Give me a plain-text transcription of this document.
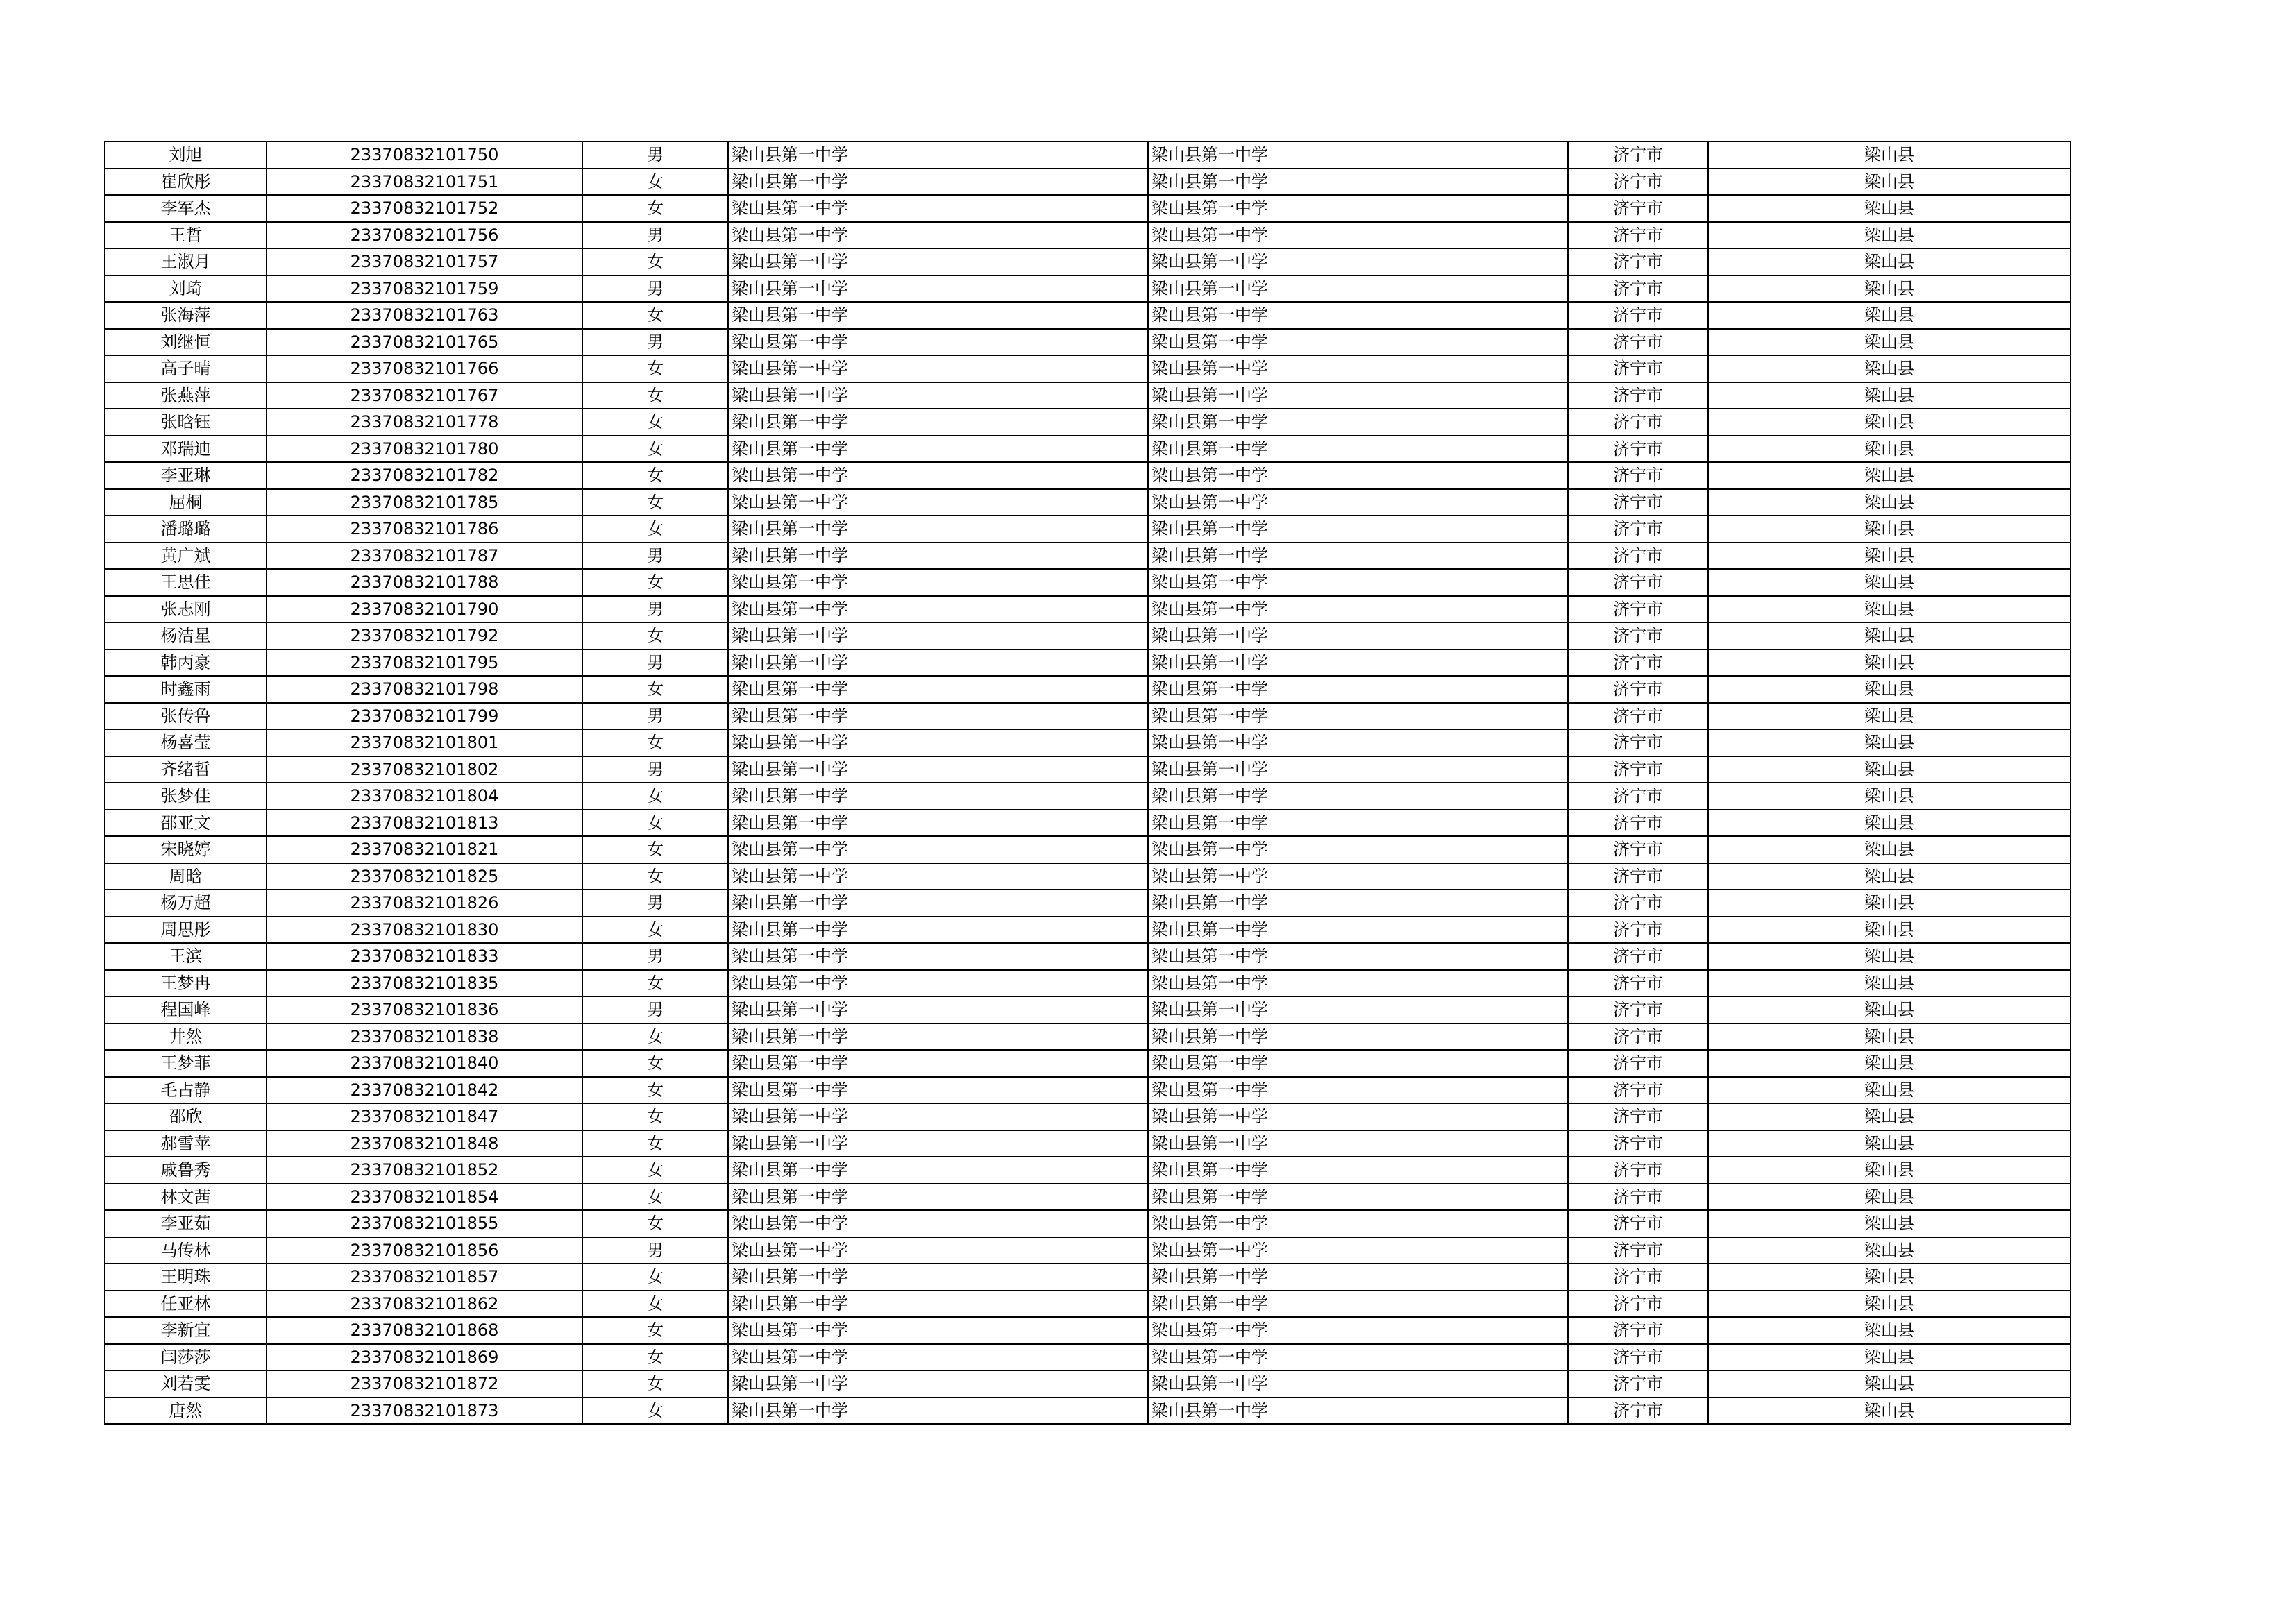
刘旭	23370832101750	男	梁山县第一中学	梁山县第一中学	济宁市	梁山县
崔欣彤	23370832101751	女	梁山县第一中学	梁山县第一中学	济宁市	梁山县
李军杰	23370832101752	女	梁山县第一中学	梁山县第一中学	济宁市	梁山县
王哲	23370832101756	男	梁山县第一中学	梁山县第一中学	济宁市	梁山县
王淑月	23370832101757	女	梁山县第一中学	梁山县第一中学	济宁市	梁山县
刘琦	23370832101759	男	梁山县第一中学	梁山县第一中学	济宁市	梁山县
张海萍	23370832101763	女	梁山县第一中学	梁山县第一中学	济宁市	梁山县
刘继恒	23370832101765	男	梁山县第一中学	梁山县第一中学	济宁市	梁山县
高子晴	23370832101766	女	梁山县第一中学	梁山县第一中学	济宁市	梁山县
张燕萍	23370832101767	女	梁山县第一中学	梁山县第一中学	济宁市	梁山县
张晗钰	23370832101778	女	梁山县第一中学	梁山县第一中学	济宁市	梁山县
邓瑞迪	23370832101780	女	梁山县第一中学	梁山县第一中学	济宁市	梁山县
李亚琳	23370832101782	女	梁山县第一中学	梁山县第一中学	济宁市	梁山县
屈桐	23370832101785	女	梁山县第一中学	梁山县第一中学	济宁市	梁山县
潘璐璐	23370832101786	女	梁山县第一中学	梁山县第一中学	济宁市	梁山县
黄广斌	23370832101787	男	梁山县第一中学	梁山县第一中学	济宁市	梁山县
王思佳	23370832101788	女	梁山县第一中学	梁山县第一中学	济宁市	梁山县
张志刚	23370832101790	男	梁山县第一中学	梁山县第一中学	济宁市	梁山县
杨洁星	23370832101792	女	梁山县第一中学	梁山县第一中学	济宁市	梁山县
韩丙豪	23370832101795	男	梁山县第一中学	梁山县第一中学	济宁市	梁山县
时鑫雨	23370832101798	女	梁山县第一中学	梁山县第一中学	济宁市	梁山县
张传鲁	23370832101799	男	梁山县第一中学	梁山县第一中学	济宁市	梁山县
杨喜莹	23370832101801	女	梁山县第一中学	梁山县第一中学	济宁市	梁山县
齐绪哲	23370832101802	男	梁山县第一中学	梁山县第一中学	济宁市	梁山县
张梦佳	23370832101804	女	梁山县第一中学	梁山县第一中学	济宁市	梁山县
邵亚文	23370832101813	女	梁山县第一中学	梁山县第一中学	济宁市	梁山县
宋晓婷	23370832101821	女	梁山县第一中学	梁山县第一中学	济宁市	梁山县
周晗	23370832101825	女	梁山县第一中学	梁山县第一中学	济宁市	梁山县
杨万超	23370832101826	男	梁山县第一中学	梁山县第一中学	济宁市	梁山县
周思彤	23370832101830	女	梁山县第一中学	梁山县第一中学	济宁市	梁山县
王滨	23370832101833	男	梁山县第一中学	梁山县第一中学	济宁市	梁山县
王梦冉	23370832101835	女	梁山县第一中学	梁山县第一中学	济宁市	梁山县
程国峰	23370832101836	男	梁山县第一中学	梁山县第一中学	济宁市	梁山县
井然	23370832101838	女	梁山县第一中学	梁山县第一中学	济宁市	梁山县
王梦菲	23370832101840	女	梁山县第一中学	梁山县第一中学	济宁市	梁山县
毛占静	23370832101842	女	梁山县第一中学	梁山县第一中学	济宁市	梁山县
邵欣	23370832101847	女	梁山县第一中学	梁山县第一中学	济宁市	梁山县
郝雪苹	23370832101848	女	梁山县第一中学	梁山县第一中学	济宁市	梁山县
戚鲁秀	23370832101852	女	梁山县第一中学	梁山县第一中学	济宁市	梁山县
林文茜	23370832101854	女	梁山县第一中学	梁山县第一中学	济宁市	梁山县
李亚茹	23370832101855	女	梁山县第一中学	梁山县第一中学	济宁市	梁山县
马传林	23370832101856	男	梁山县第一中学	梁山县第一中学	济宁市	梁山县
王明珠	23370832101857	女	梁山县第一中学	梁山县第一中学	济宁市	梁山县
任亚林	23370832101862	女	梁山县第一中学	梁山县第一中学	济宁市	梁山县
李新宜	23370832101868	女	梁山县第一中学	梁山县第一中学	济宁市	梁山县
闫莎莎	23370832101869	女	梁山县第一中学	梁山县第一中学	济宁市	梁山县
刘若雯	23370832101872	女	梁山县第一中学	梁山县第一中学	济宁市	梁山县
唐然	23370832101873	女	梁山县第一中学	梁山县第一中学	济宁市	梁山县
